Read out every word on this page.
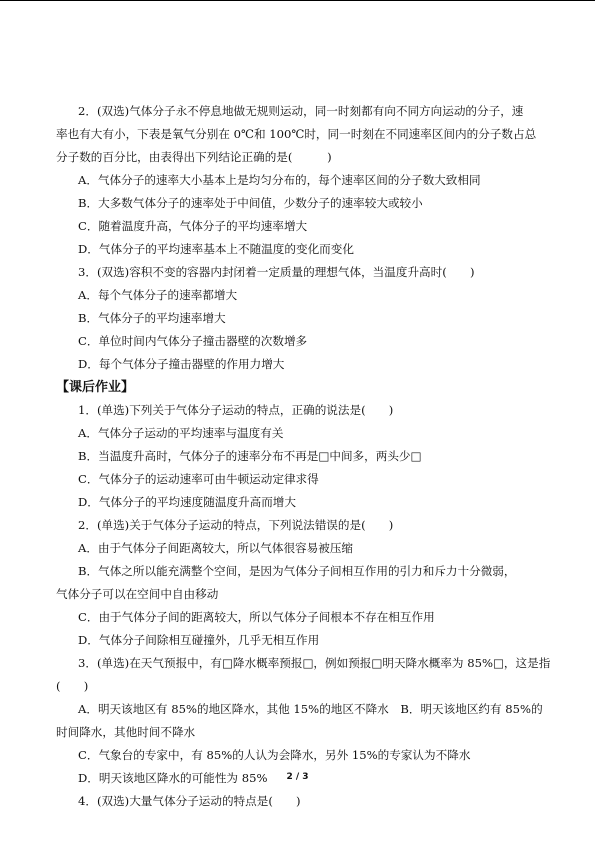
2．(双选)气体分子永不停息地做无规则运动，同一时刻都有向不同方向运动的分子，速

率也有大有小，下表是氧气分别在 0℃和 100℃时，同一时刻在不同速率区间内的分子数占总

分子数的百分比，由表得出下列结论正确的是(　　　)

A．气体分子的速率大小基本上是均匀分布的，每个速率区间的分子数大致相同

B．大多数气体分子的速率处于中间值，少数分子的速率较大或较小

C．随着温度升高，气体分子的平均速率增大

D．气体分子的平均速率基本上不随温度的变化而变化

3．(双选)容积不变的容器内封闭着一定质量的理想气体，当温度升高时(　　)

A．每个气体分子的速率都增大

B．气体分子的平均速率增大

C．单位时间内气体分子撞击器壁的次数增多

D．每个气体分子撞击器壁的作用力增大

【课后作业】

1．(单选)下列关于气体分子运动的特点，正确的说法是(　　)

A．气体分子运动的平均速率与温度有关

B．当温度升高时，气体分子的速率分布不再是□中间多，两头少□

C．气体分子的运动速率可由牛顿运动定律求得

D．气体分子的平均速度随温度升高而增大

2．(单选)关于气体分子运动的特点，下列说法错误的是(　　)

A．由于气体分子间距离较大，所以气体很容易被压缩

B．气体之所以能充满整个空间，是因为气体分子间相互作用的引力和斥力十分微弱，

气体分子可以在空间中自由移动

C．由于气体分子间的距离较大，所以气体分子间根本不存在相互作用

D．气体分子间除相互碰撞外，几乎无相互作用

3．(单选)在天气预报中，有□降水概率预报□，例如预报□明天降水概率为 85%□，这是指

(　　)

A．明天该地区有 85%的地区降水，其他 15%的地区不降水　B．明天该地区约有 85%的

时间降水，其他时间不降水

C．气象台的专家中，有 85%的人认为会降水，另外 15%的专家认为不降水

D．明天该地区降水的可能性为 85%

4．(双选)大量气体分子运动的特点是(　　)

2 / 3
